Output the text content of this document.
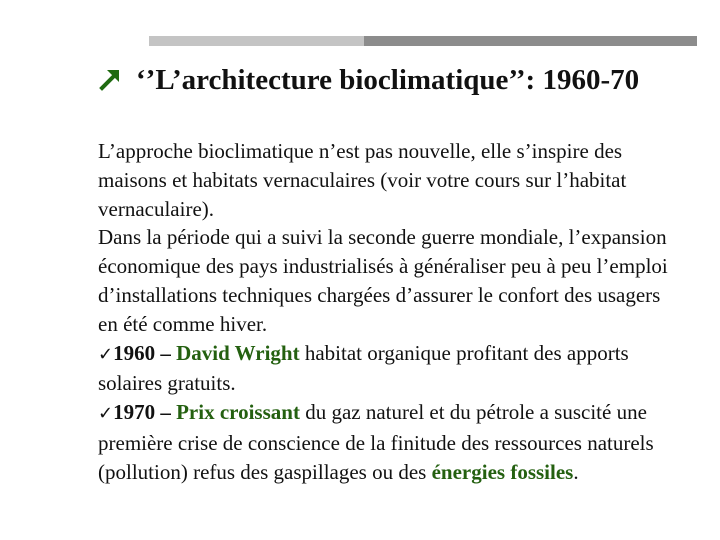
‘’L’architecture bioclimatique’’: 1960-70

L’approche bioclimatique n’est pas nouvelle, elle s’inspire des maisons et habitats vernaculaires (voir votre cours sur l’habitat vernaculaire).

Dans la période qui a suivi la seconde guerre mondiale, l’expansion économique des pays industrialisés à généraliser peu à peu l’emploi d’installations techniques chargées d’assurer le confort des usagers en été comme hiver.

✓1960 – David Wright habitat organique profitant des apports solaires gratuits.

✓1970 – Prix croissant du gaz naturel et du pétrole a suscité une première crise de conscience de la finitude des ressources naturels (pollution) refus des gaspillages ou des énergies fossiles.
